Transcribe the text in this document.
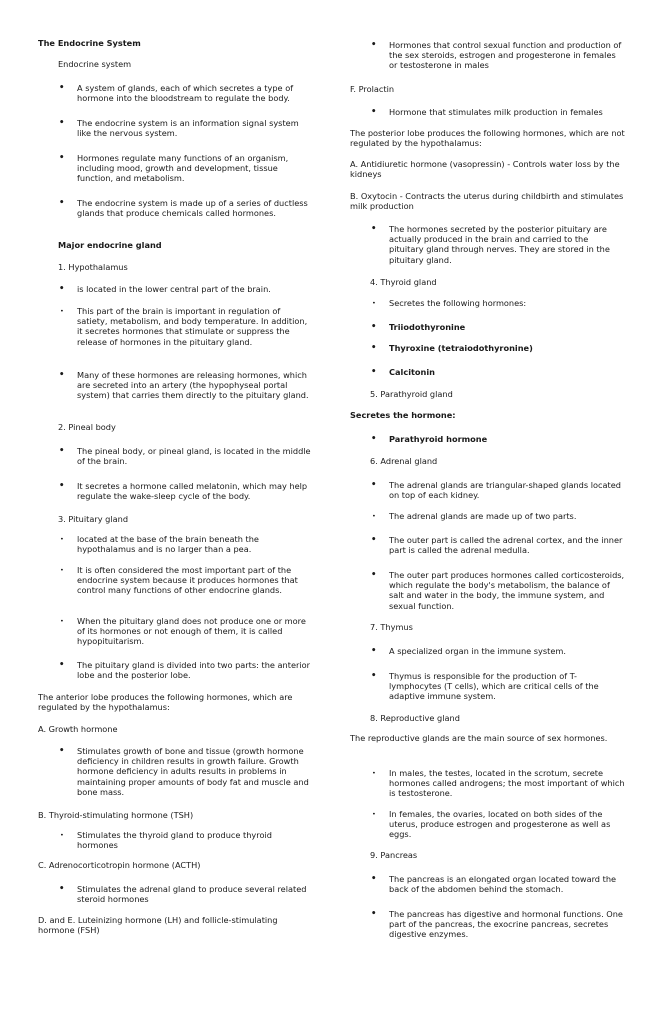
The Endocrine System

Endocrine system

• A system of glands, each of which secretes a type of hormone into the bloodstream to regulate the body.

• The endocrine system is an information signal system like the nervous system.

• Hormones regulate many functions of an organism, including mood, growth and development, tissue function, and metabolism.

• The endocrine system is made up of a series of ductless glands that produce chemicals called hormones.

Major endocrine gland

1. Hypothalamus

• is located in the lower central part of the brain.

• This part of the brain is important in regulation of satiety, metabolism, and body temperature. In addition, it secretes hormones that stimulate or suppress the release of hormones in the pituitary gland.

• Many of these hormones are releasing hormones, which are secreted into an artery (the hypophyseal portal system) that carries them directly to the pituitary gland.

2. Pineal body

• The pineal body, or pineal gland, is located in the middle of the brain.

• It secretes a hormone called melatonin, which may help regulate the wake-sleep cycle of the body.

3. Pituitary gland

• located at the base of the brain beneath the hypothalamus and is no larger than a pea.

• It is often considered the most important part of the endocrine system because it produces hormones that control many functions of other endocrine glands.

• When the pituitary gland does not produce one or more of its hormones or not enough of them, it is called hypopituitarism.

• The pituitary gland is divided into two parts: the anterior lobe and the posterior lobe.

The anterior lobe produces the following hormones, which are regulated by the hypothalamus:

A. Growth hormone

• Stimulates growth of bone and tissue (growth hormone deficiency in children results in growth failure. Growth hormone deficiency in adults results in problems in maintaining proper amounts of body fat and muscle and bone mass.

B. Thyroid-stimulating hormone (TSH)

• Stimulates the thyroid gland to produce thyroid hormones

C. Adrenocorticotropin hormone (ACTH)

• Stimulates the adrenal gland to produce several related steroid hormones

D. and E. Luteinizing hormone (LH) and follicle-stimulating hormone (FSH)

• Hormones that control sexual function and production of the sex steroids, estrogen and progesterone in females or testosterone in males

F. Prolactin

• Hormone that stimulates milk production in females

The posterior lobe produces the following hormones, which are not regulated by the hypothalamus:

A. Antidiuretic hormone (vasopressin) - Controls water loss by the kidneys

B. Oxytocin - Contracts the uterus during childbirth and stimulates milk production

• The hormones secreted by the posterior pituitary are actually produced in the brain and carried to the pituitary gland through nerves. They are stored in the pituitary gland.

4. Thyroid gland

• Secretes the following hormones:

• Triiodothyronine

• Thyroxine (tetraiodothyronine)

• Calcitonin

5. Parathyroid gland

Secretes the hormone:

• Parathyroid hormone

6. Adrenal gland

• The adrenal glands are triangular-shaped glands located on top of each kidney.

• The adrenal glands are made up of two parts.

• The outer part is called the adrenal cortex, and the inner part is called the adrenal medulla.

• The outer part produces hormones called corticosteroids, which regulate the body's metabolism, the balance of salt and water in the body, the immune system, and sexual function.

7. Thymus

• A specialized organ in the immune system.

• Thymus is responsible for the production of T-lymphocytes (T cells), which are critical cells of the adaptive immune system.

8. Reproductive gland

The reproductive glands are the main source of sex hormones.

• In males, the testes, located in the scrotum, secrete hormones called androgens; the most important of which is testosterone.

• In females, the ovaries, located on both sides of the uterus, produce estrogen and progesterone as well as eggs.

9. Pancreas

• The pancreas is an elongated organ located toward the back of the abdomen behind the stomach.

• The pancreas has digestive and hormonal functions. One part of the pancreas, the exocrine pancreas, secretes digestive enzymes.
